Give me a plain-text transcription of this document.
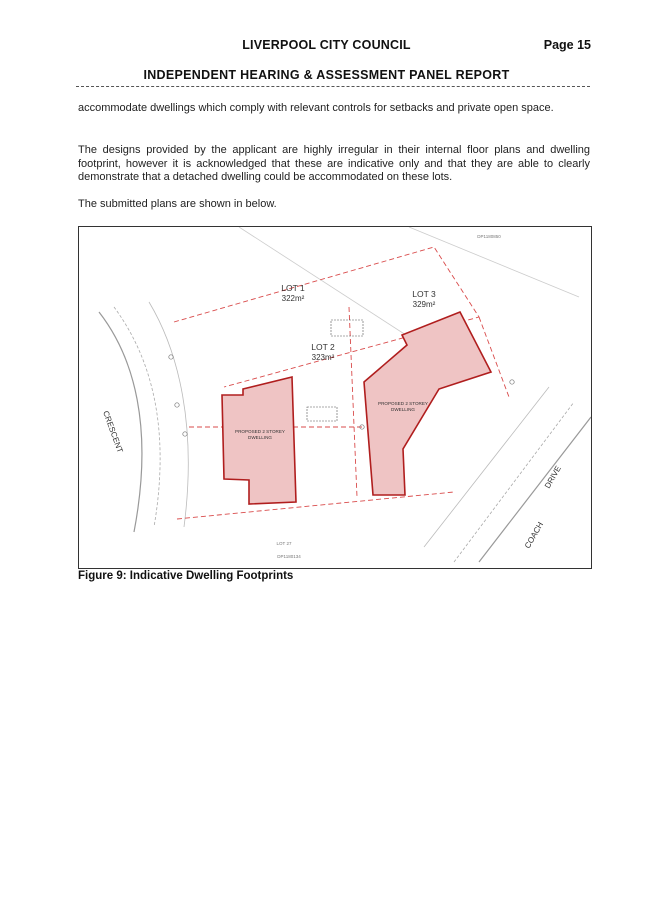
LIVERPOOL CITY COUNCIL	Page 15
INDEPENDENT HEARING & ASSESSMENT PANEL REPORT
accommodate dwellings which comply with relevant controls for setbacks and private open space.
The designs provided by the applicant are highly irregular in their internal floor plans and dwelling footprint, however it is acknowledged that these are indicative only and that they are able to clearly demonstrate that a detached dwelling could be accommodated on these lots.
The submitted plans are shown in below.
LOT 1
322m²
LOT 2
323m²
LOT 3
329m²
PROPOSED 2 STOREY
DWELLING
PROPOSED 2 STOREY
DWELLING
LOT 27
DP1180134
DP1180850
CRESCENT
DRIVE
COACH
Figure 9: Indicative Dwelling Footprints
